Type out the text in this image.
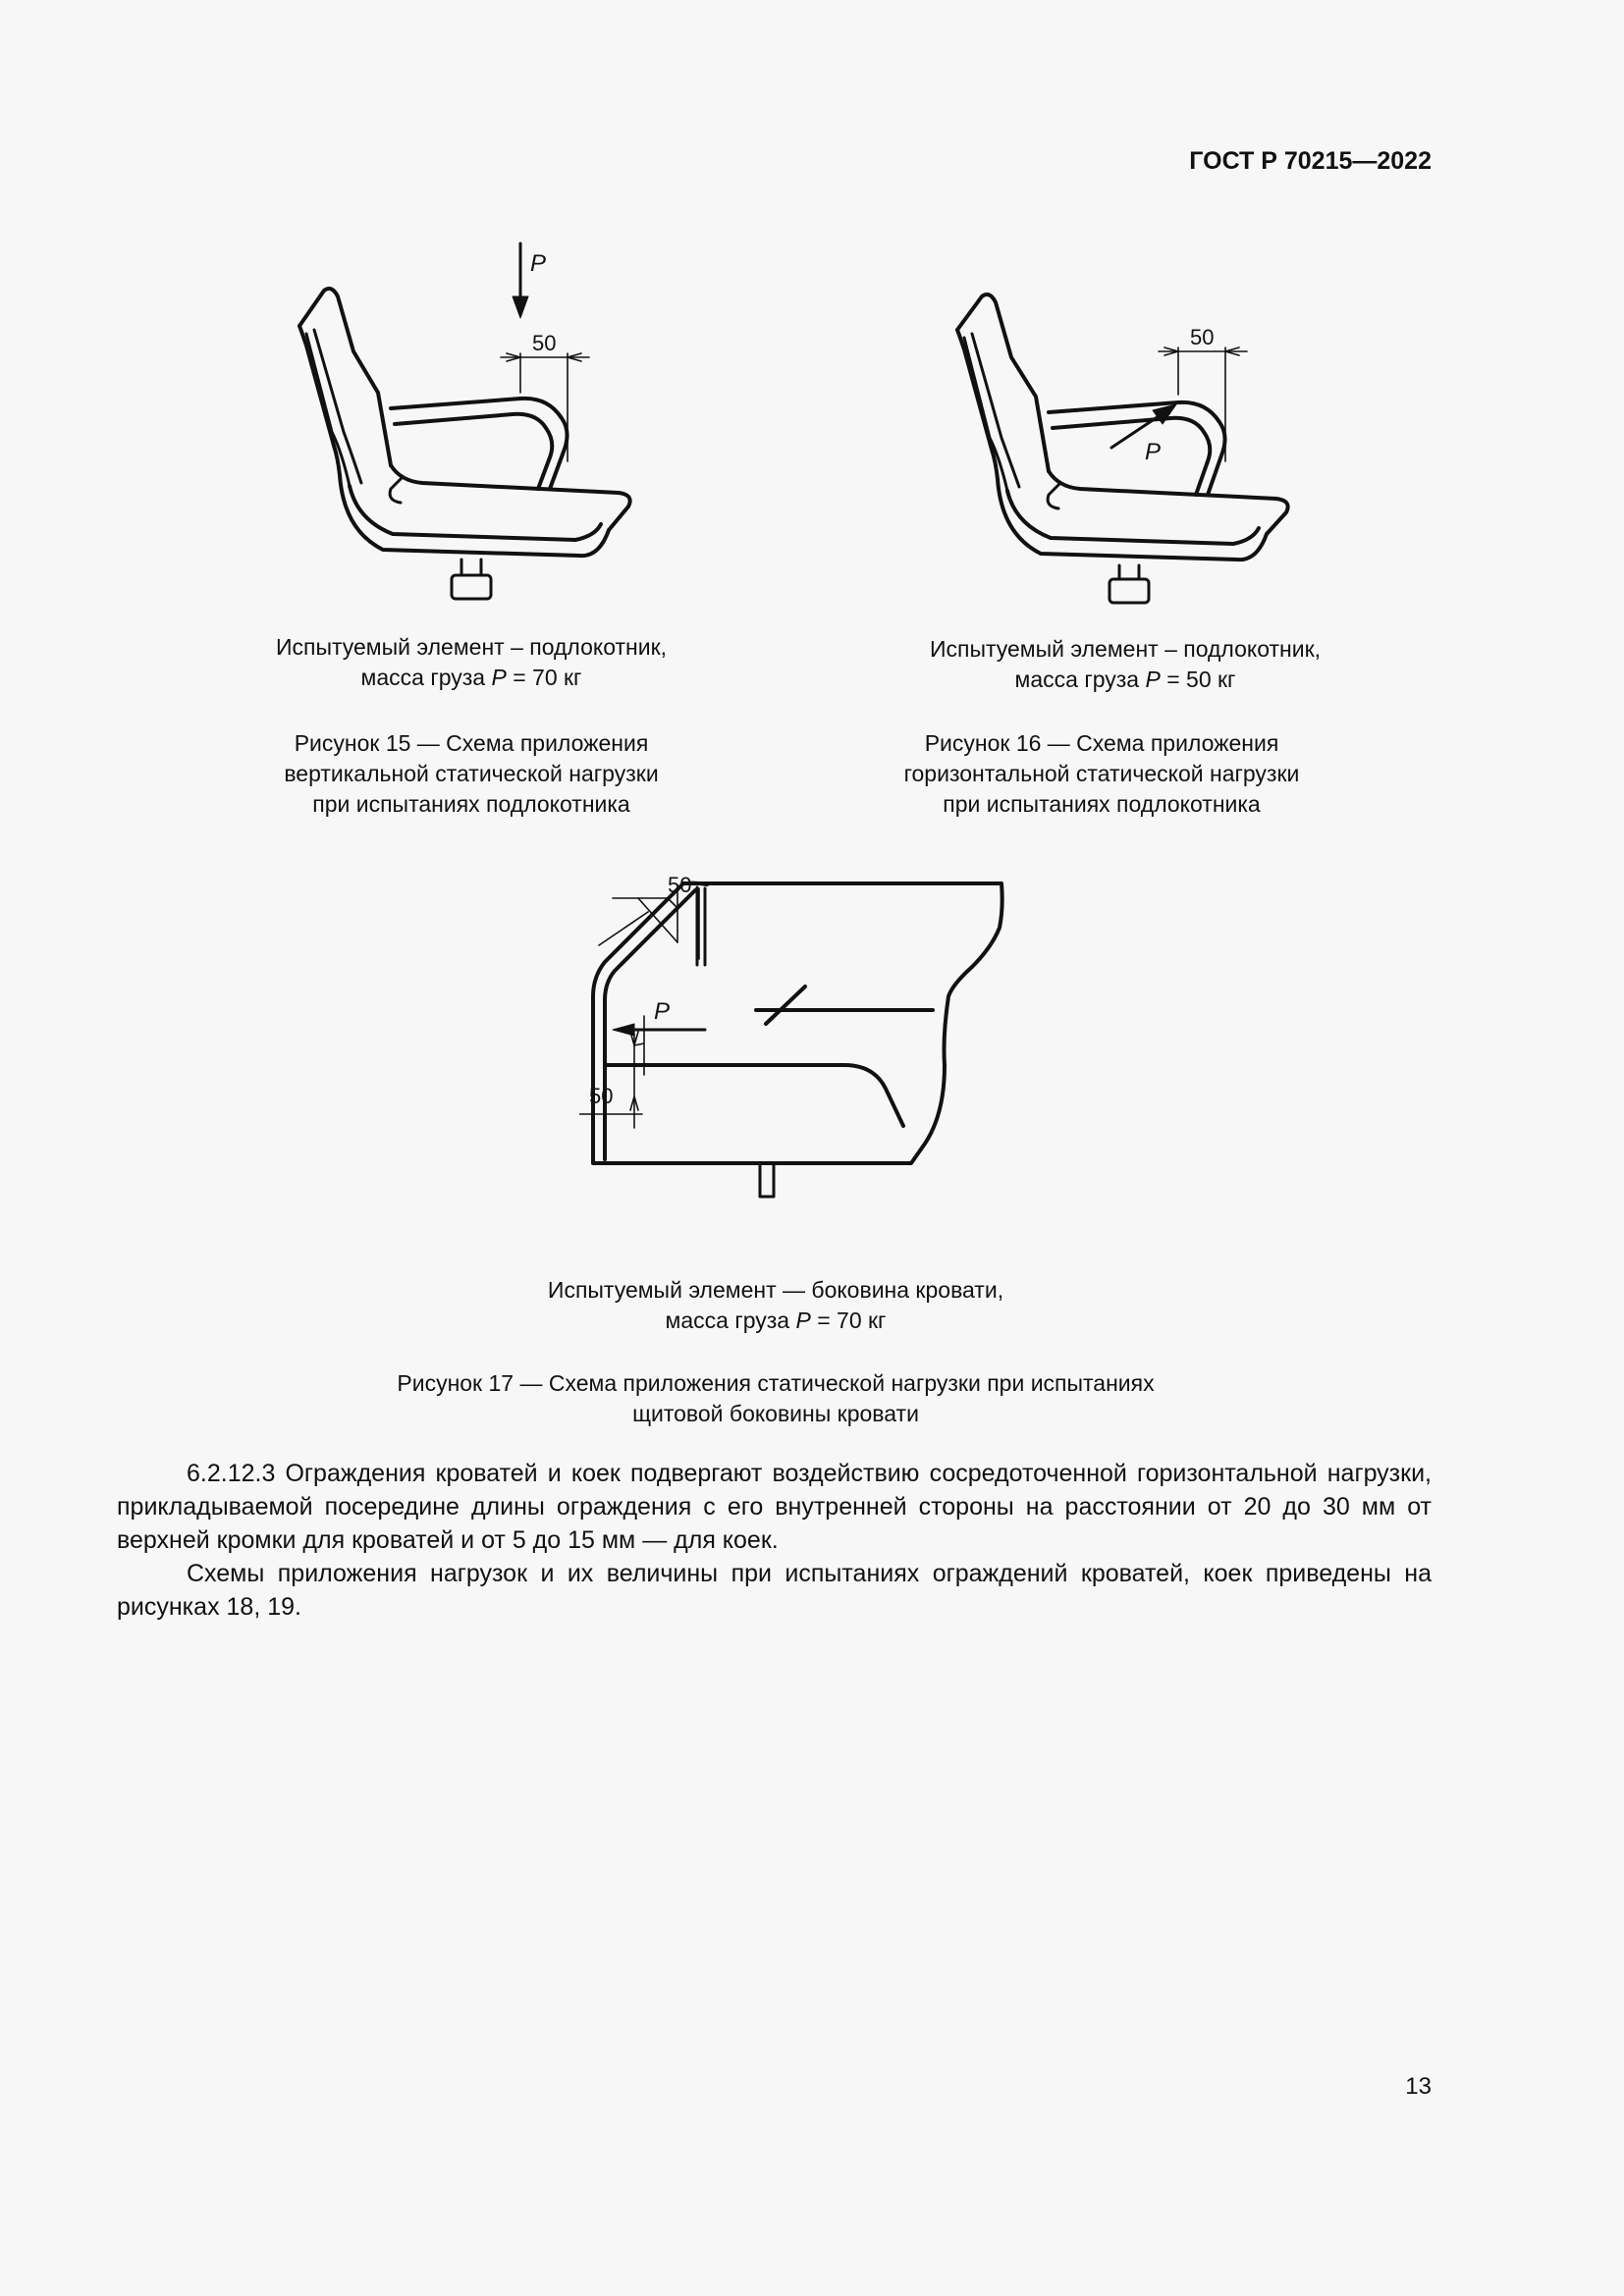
ГОСТ Р 70215—2022
50
P
Испытуемый элемент – подлокотник,
масса груза P = 70 кг
Рисунок 15 — Схема приложения
вертикальной статической нагрузки
при испытаниях подлокотника
50
P
Испытуемый элемент – подлокотник,
масса груза P = 50 кг
Рисунок 16 — Схема приложения
горизонтальной статической нагрузки
при испытаниях подлокотника
P
50
50
Испытуемый элемент — боковина кровати,
масса груза P = 70 кг
Рисунок 17 — Схема приложения статической нагрузки при испытаниях
щитовой боковины кровати

6.2.12.3 Ограждения кроватей и коек подвергают воздействию сосредоточенной горизонтальной нагрузки, прикладываемой посередине длины ограждения с его внутренней стороны на расстоянии от 20 до 30 мм от верхней кромки для кроватей и от 5 до 15 мм — для коек.

Схемы приложения нагрузок и их величины при испытаниях ограждений кроватей, коек приведены на рисунках 18, 19.

13
